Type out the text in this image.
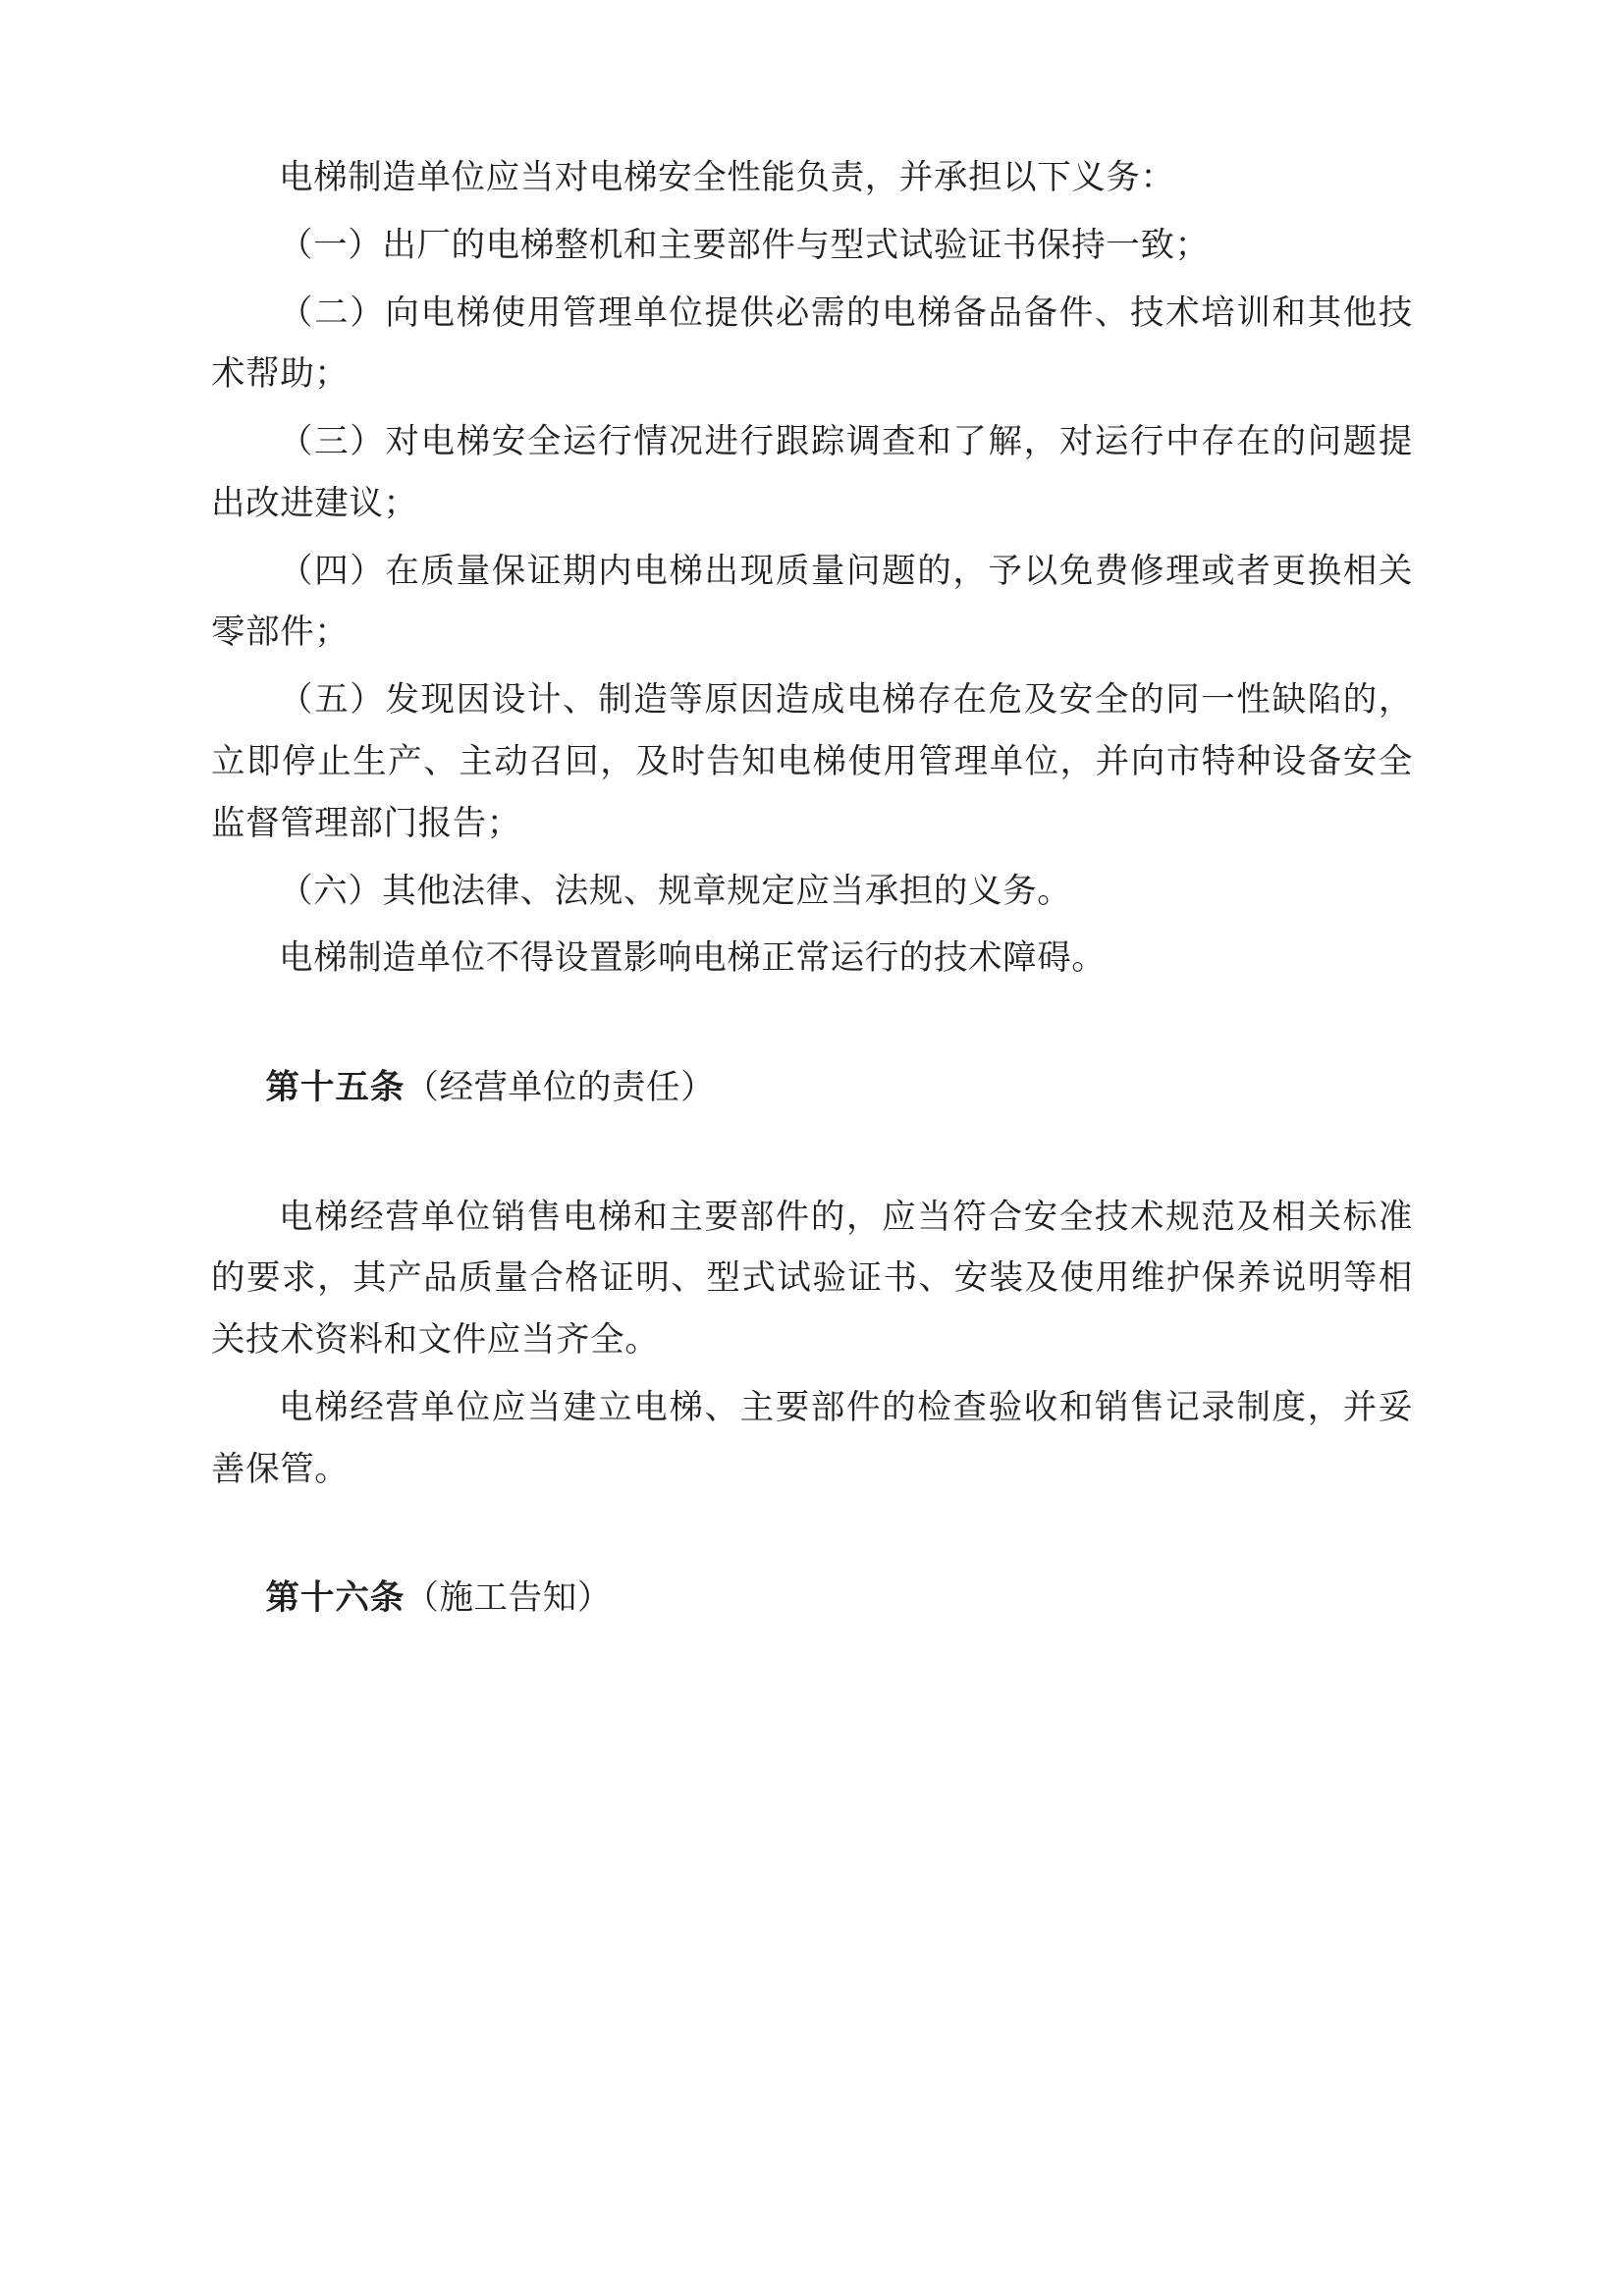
电梯制造单位应当对电梯安全性能负责，并承担以下义务：

（一）出厂的电梯整机和主要部件与型式试验证书保持一致；

（二）向电梯使用管理单位提供必需的电梯备品备件、技术培训和其他技术帮助；

（三）对电梯安全运行情况进行跟踪调查和了解，对运行中存在的问题提出改进建议；

（四）在质量保证期内电梯出现质量问题的，予以免费修理或者更换相关零部件；

（五）发现因设计、制造等原因造成电梯存在危及安全的同一性缺陷的，立即停止生产、主动召回，及时告知电梯使用管理单位，并向市特种设备安全监督管理部门报告；

（六）其他法律、法规、规章规定应当承担的义务。

电梯制造单位不得设置影响电梯正常运行的技术障碍。

第十五条（经营单位的责任）

电梯经营单位销售电梯和主要部件的，应当符合安全技术规范及相关标准的要求，其产品质量合格证明、型式试验证书、安装及使用维护保养说明等相关技术资料和文件应当齐全。

电梯经营单位应当建立电梯、主要部件的检查验收和销售记录制度，并妥善保管。

第十六条（施工告知）
